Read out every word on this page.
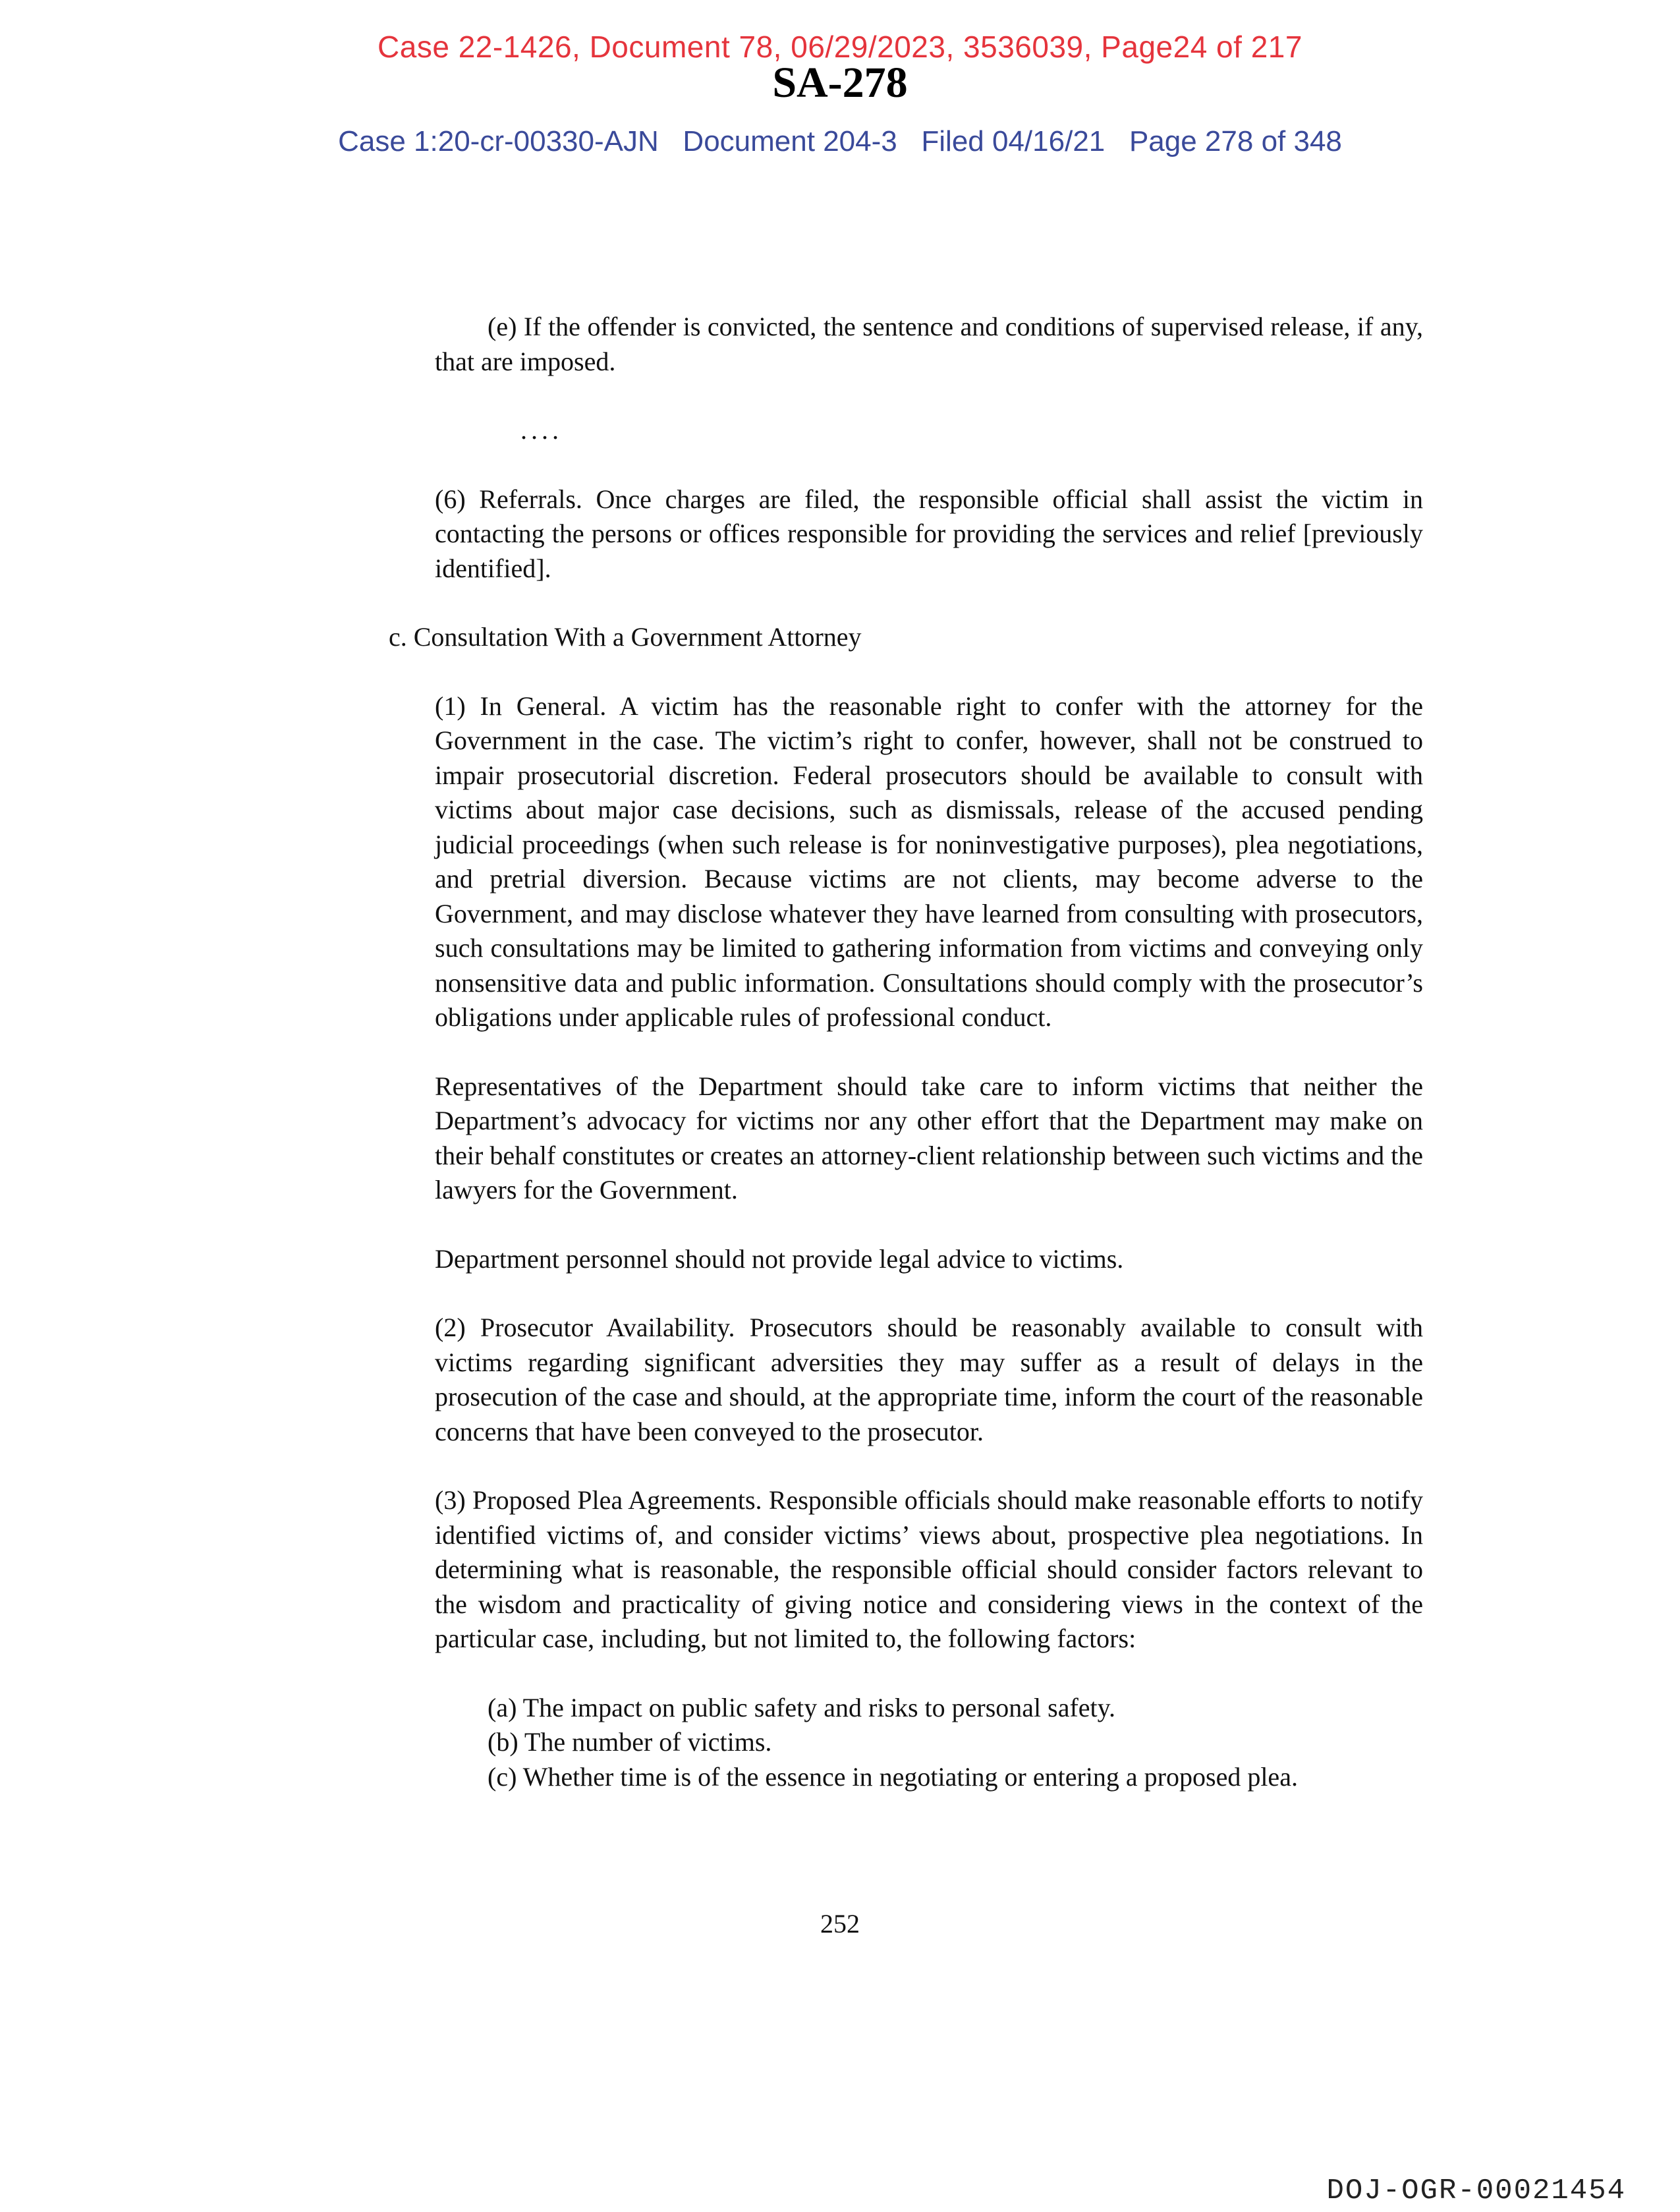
Case 22-1426, Document 78, 06/29/2023, 3536039, Page24 of 217
SA-278
Case 1:20-cr-00330-AJN   Document 204-3   Filed 04/16/21   Page 278 of 348

(e) If the offender is convicted, the sentence and conditions of supervised release, if any, that are imposed.

....

(6) Referrals. Once charges are filed, the responsible official shall assist the victim in contacting the persons or offices responsible for providing the services and relief [previously identified].

c. Consultation With a Government Attorney

(1) In General. A victim has the reasonable right to confer with the attorney for the Government in the case. The victim’s right to confer, however, shall not be construed to impair prosecutorial discretion. Federal prosecutors should be available to consult with victims about major case decisions, such as dismissals, release of the accused pending judicial proceedings (when such release is for noninvestigative purposes), plea negotiations, and pretrial diversion. Because victims are not clients, may become adverse to the Government, and may disclose whatever they have learned from consulting with prosecutors, such consultations may be limited to gathering information from victims and conveying only nonsensitive data and public information. Consultations should comply with the prosecutor’s obligations under applicable rules of professional conduct.

Representatives of the Department should take care to inform victims that neither the Department’s advocacy for victims nor any other effort that the Department may make on their behalf constitutes or creates an attorney-client relationship between such victims and the lawyers for the Government.

Department personnel should not provide legal advice to victims.

(2) Prosecutor Availability. Prosecutors should be reasonably available to consult with victims regarding significant adversities they may suffer as a result of delays in the prosecution of the case and should, at the appropriate time, inform the court of the reasonable concerns that have been conveyed to the prosecutor.

(3) Proposed Plea Agreements. Responsible officials should make reasonable efforts to notify identified victims of, and consider victims’ views about, prospective plea negotiations. In determining what is reasonable, the responsible official should consider factors relevant to the wisdom and practicality of giving notice and considering views in the context of the particular case, including, but not limited to, the following factors:

(a) The impact on public safety and risks to personal safety.
(b) The number of victims.
(c) Whether time is of the essence in negotiating or entering a proposed plea.
252
DOJ-OGR-00021454
